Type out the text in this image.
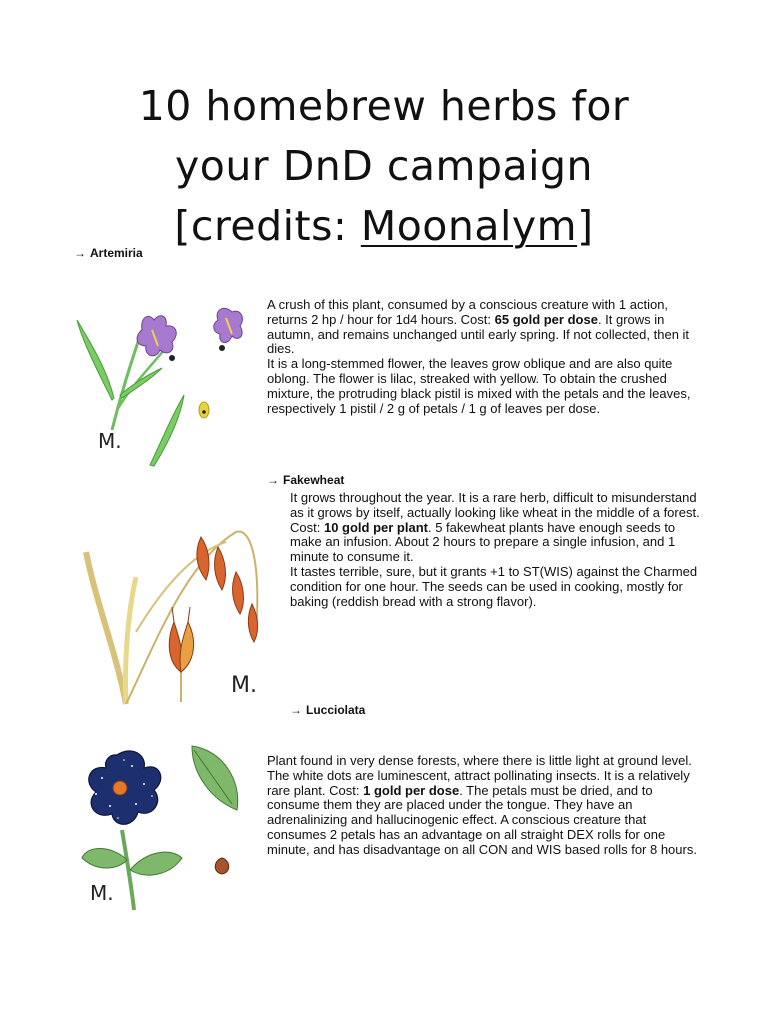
10 homebrew herbs for
your DnD campaign
[credits: Moonalym]
→ Artemiria
M.

A crush of this plant, consumed by a conscious creature with 1 action, returns 2 hp / hour for 1d4 hours. Cost: 65 gold per dose. It grows in autumn, and remains unchanged until early spring. If not collected, then it dies.

It is a long-stemmed flower, the leaves grow oblique and are also quite oblong. The flower is lilac, streaked with yellow. To obtain the crushed mixture, the protruding black pistil is mixed with the petals and the leaves, respectively 1 pistil / 2 g of petals / 1 g of leaves per dose.

→ Fakewheat

It grows throughout the year. It is a rare herb, difficult to misunderstand as it grows by itself, actually looking like wheat in the middle of a forest. Cost: 10 gold per plant. 5 fakewheat plants have enough seeds to make an infusion. About 2 hours to prepare a single infusion, and 1 minute to consume it.

It tastes terrible, sure, but it grants +1 to ST(WIS) against the Charmed condition for one hour. The seeds can be used in cooking, mostly for baking (reddish bread with a strong flavor).

M.
→ Lucciolata
M.

Plant found in very dense forests, where there is little light at ground level. The white dots are luminescent, attract pollinating insects. It is a relatively rare plant. Cost: 1 gold per dose. The petals must be dried, and to consume them they are placed under the tongue. They have an adrenalinizing and hallucinogenic effect. A conscious creature that consumes 2 petals has an advantage on all straight DEX rolls for one minute, and has disadvantage on all CON and WIS based rolls for 8 hours.
